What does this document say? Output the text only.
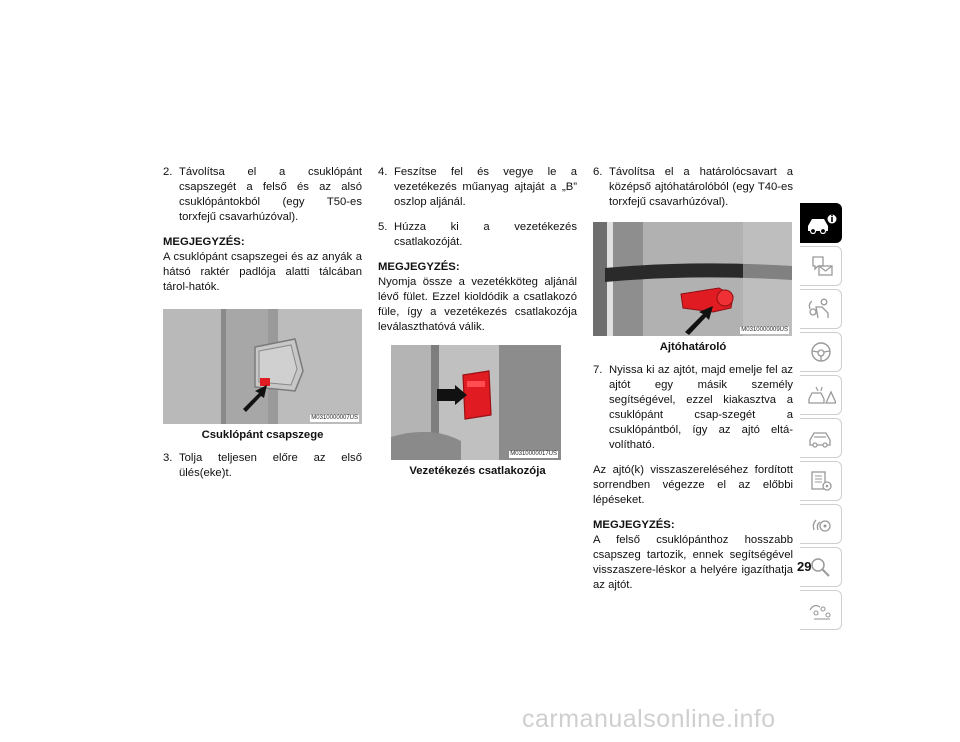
2. Távolítsa el a csuklópánt csapszegét a felső és az alsó csuklópántokból (egy T50-es torxfejű csavarhúzóval).

MEGJEGYZÉS:

A csuklópánt csapszegei és az anyák a hátsó raktér padlója alatti tálcában tárol-hatók.

M0310000007US

Csuklópánt csapszege

3. Tolja teljesen előre az első ülés(eke)t.

4. Feszítse fel és vegye le a vezetékezés műanyag ajtaját a „B” oszlop aljánál.

5. Húzza ki a vezetékezés csatlakozóját.

MEGJEGYZÉS:

Nyomja össze a vezetékköteg aljánál lévő fület. Ezzel kioldódik a csatlakozó füle, így a vezetékezés csatlakozója leválaszthatóvá válik.

M0310000017US

Vezetékezés csatlakozója

6. Távolítsa el a határolócsavart a középső ajtóhatárolóból (egy T40-es torxfejű csavarhúzóval).

M0310000009US

Ajtóhatároló

7. Nyissa ki az ajtót, majd emelje fel az ajtót egy másik személy segítségével, ezzel kiakasztva a csuklópánt csap-szegét a csuklópántból, így az ajtó eltá-volítható.

Az ajtó(k) visszaszereléséhez fordított sorrendben végezze el az előbbi lépéseket.

MEGJEGYZÉS:

A felső csuklópánthoz hosszabb csapszeg tartozik, ennek segítségével visszaszere-léskor a helyére igazíthatja az ajtót.

29
carmanualsonline.info
